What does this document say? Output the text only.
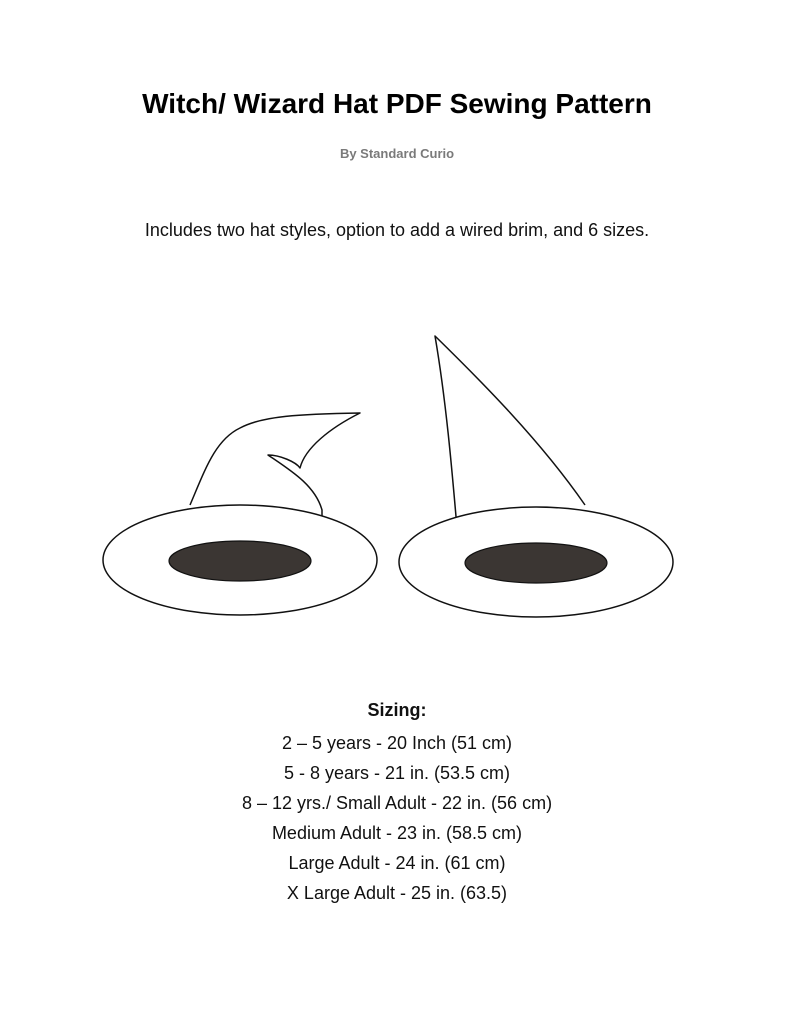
Witch/ Wizard Hat PDF Sewing Pattern
By Standard Curio
Includes two hat styles, option to add a wired brim, and 6 sizes.
Sizing:
2 – 5 years - 20 Inch (51 cm)
5 - 8 years - 21 in. (53.5 cm)
8 – 12 yrs./ Small Adult - 22 in. (56 cm)
Medium Adult - 23 in. (58.5 cm)
Large Adult - 24 in. (61 cm)
X Large Adult - 25 in. (63.5)
